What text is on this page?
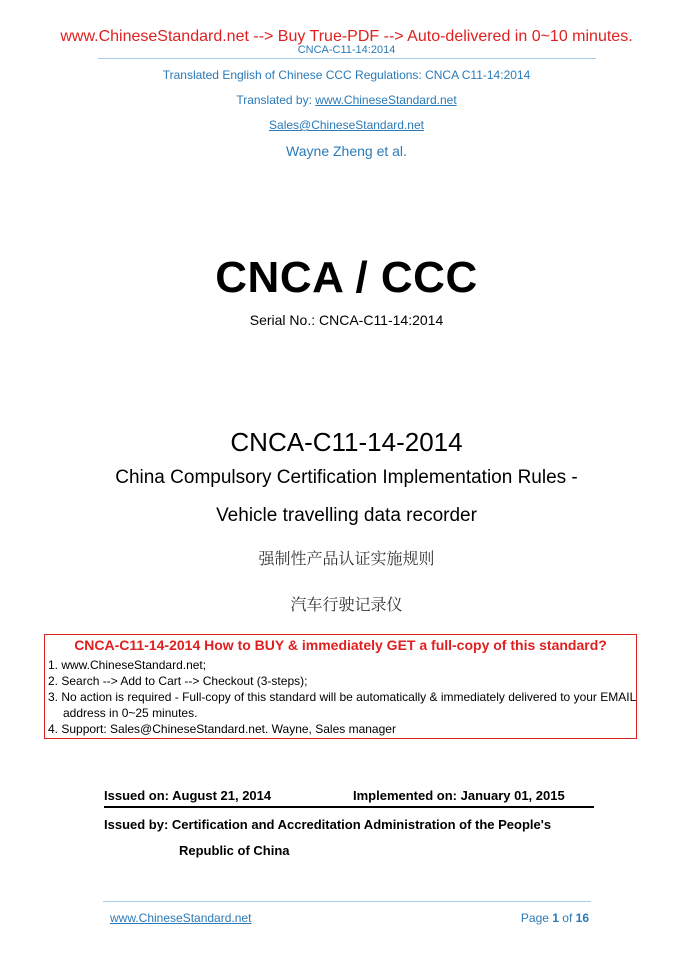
www.ChineseStandard.net --> Buy True-PDF --> Auto-delivered in 0~10 minutes.
CNCA-C11-14:2014
Translated English of Chinese CCC Regulations: CNCA C11-14:2014
Translated by: www.ChineseStandard.net
Sales@ChineseStandard.net
Wayne Zheng et al.
CNCA / CCC
Serial No.: CNCA-C11-14:2014
CNCA-C11-14-2014
China Compulsory Certification Implementation Rules -
Vehicle travelling data recorder
强制性产品认证实施规则
汽车行驶记录仪
CNCA-C11-14-2014 How to BUY & immediately GET a full-copy of this standard?
1. www.ChineseStandard.net;
2. Search --> Add to Cart --> Checkout (3-steps);
3. No action is required - Full-copy of this standard will be automatically & immediately delivered to your EMAIL address in 0~25 minutes.
4. Support: Sales@ChineseStandard.net. Wayne, Sales manager
Issued on: August 21, 2014	Implemented on: January 01, 2015
Issued by: Certification and Accreditation Administration of the People's
Republic of China
www.ChineseStandard.net	Page 1 of 16
